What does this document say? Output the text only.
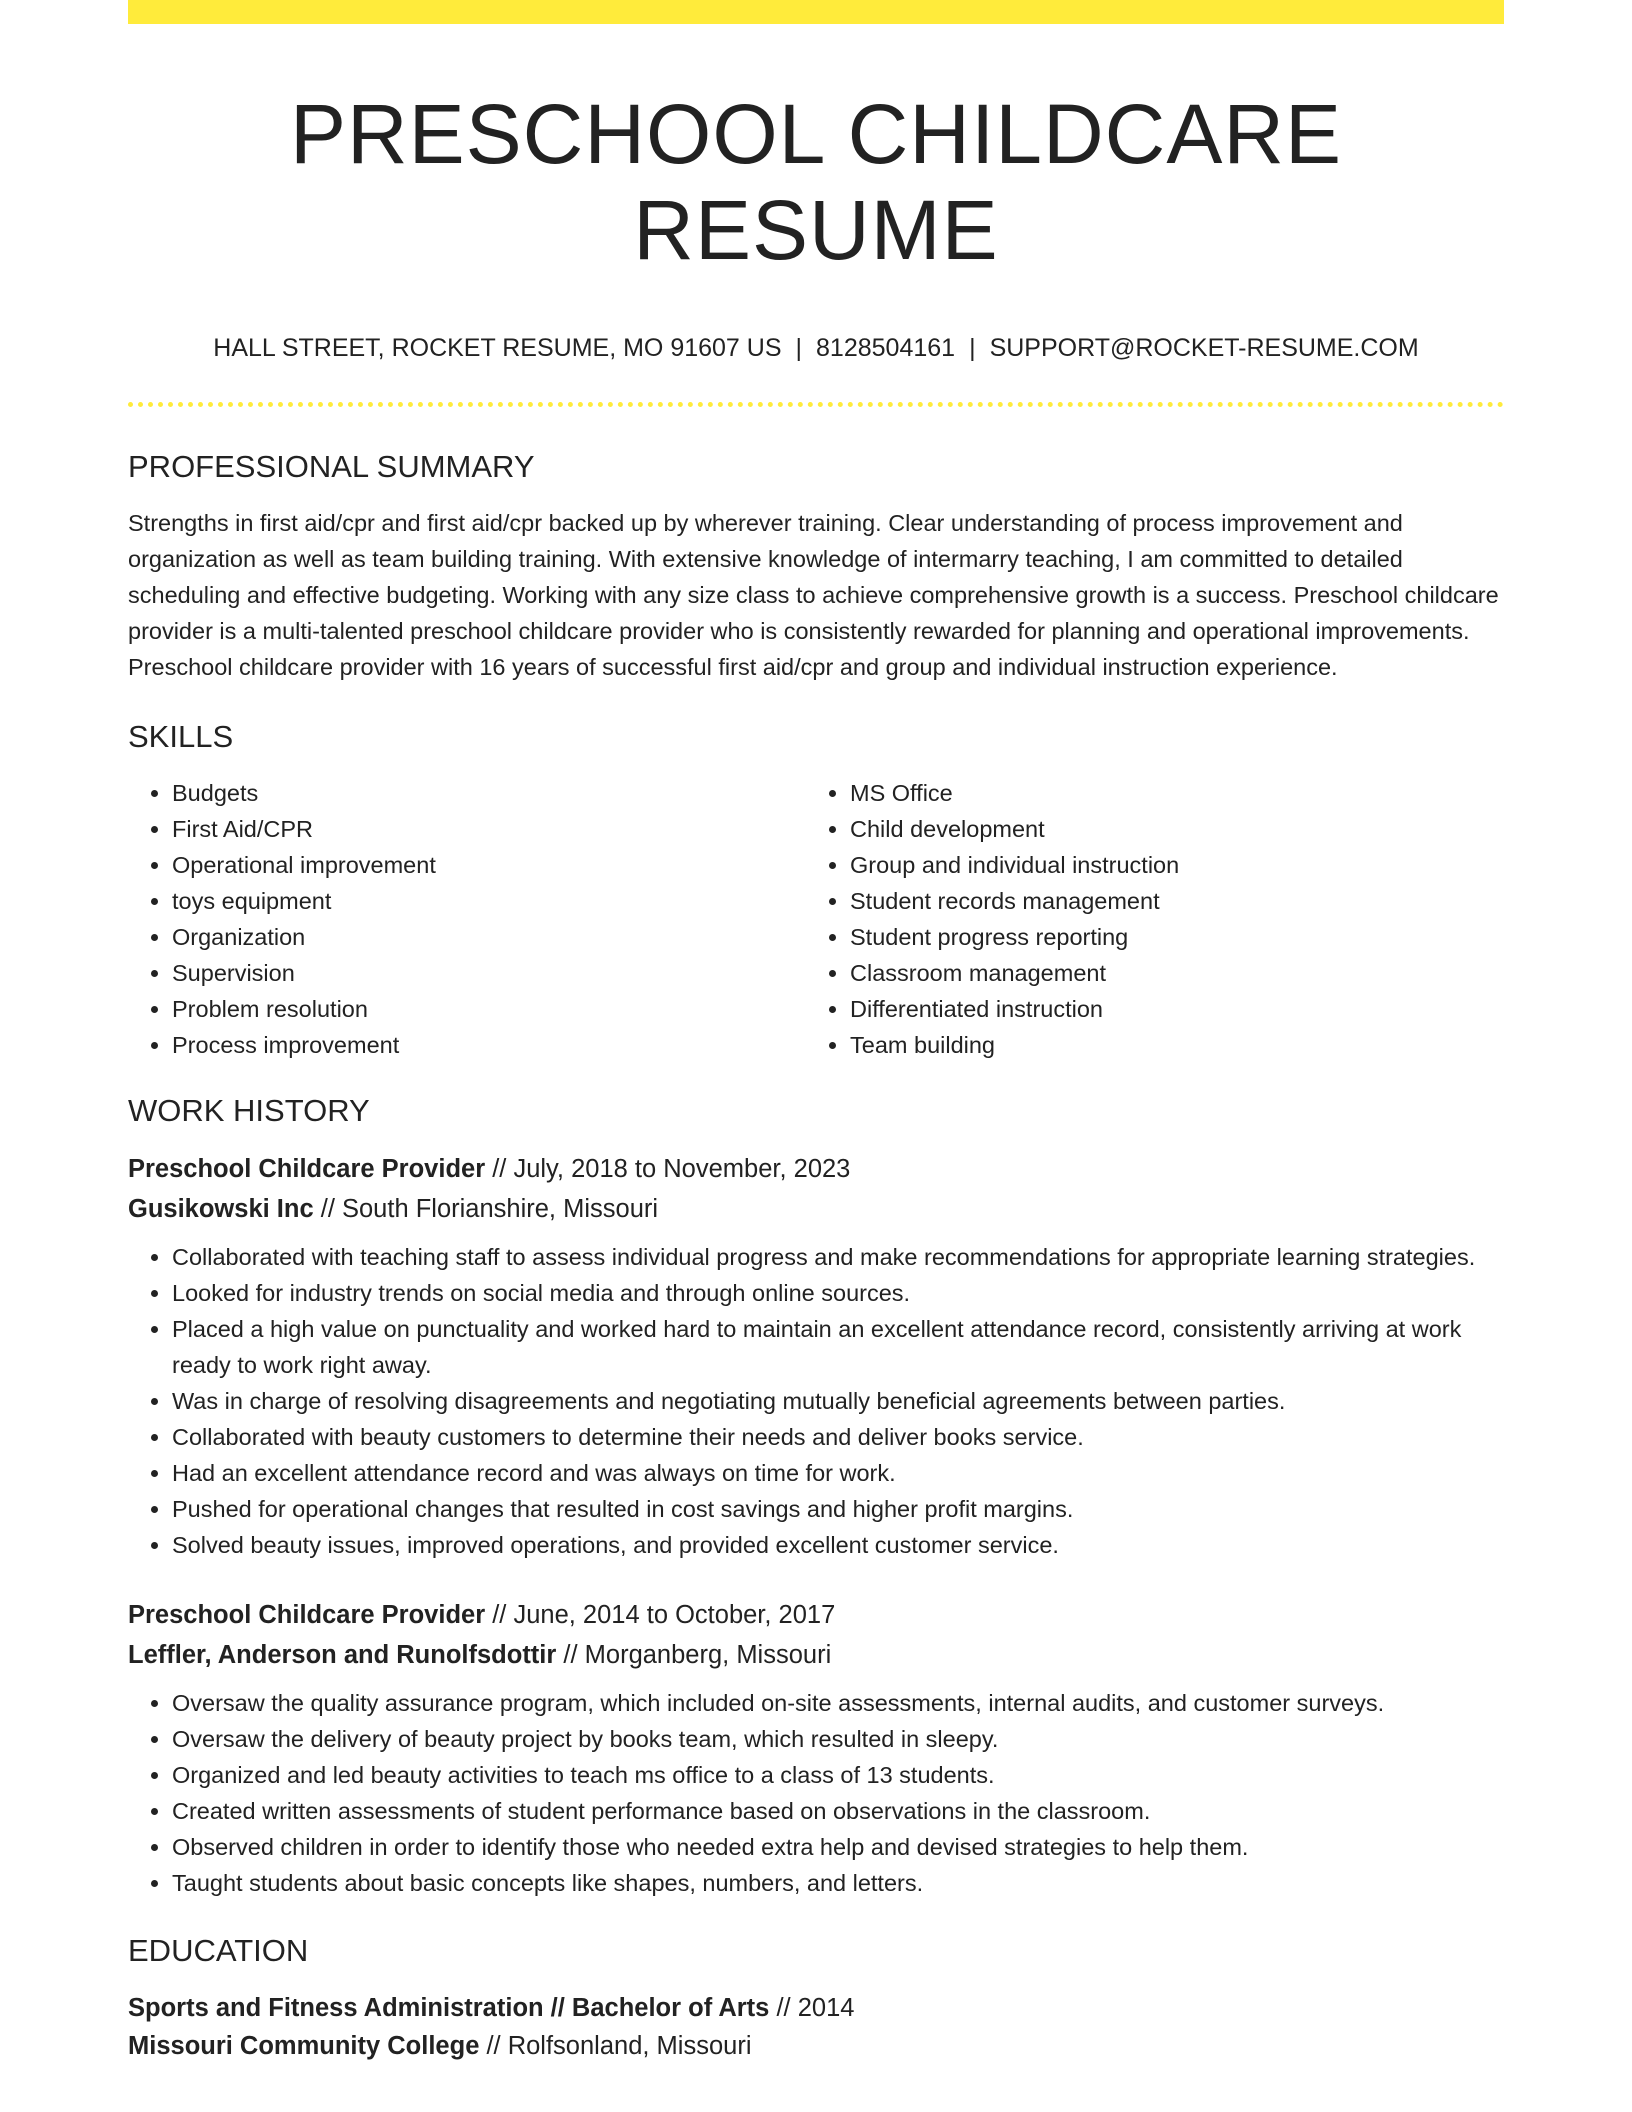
PRESCHOOL CHILDCARE RESUME
HALL STREET, ROCKET RESUME, MO 91607 US | 8128504161 | SUPPORT@ROCKET-RESUME.COM
PROFESSIONAL SUMMARY
Strengths in first aid/cpr and first aid/cpr backed up by wherever training. Clear understanding of process improvement and organization as well as team building training. With extensive knowledge of intermarry teaching, I am committed to detailed scheduling and effective budgeting. Working with any size class to achieve comprehensive growth is a success. Preschool childcare provider is a multi-talented preschool childcare provider who is consistently rewarded for planning and operational improvements. Preschool childcare provider with 16 years of successful first aid/cpr and group and individual instruction experience.
SKILLS
• Budgets
• First Aid/CPR
• Operational improvement
• toys equipment
• Organization
• Supervision
• Problem resolution
• Process improvement
• MS Office
• Child development
• Group and individual instruction
• Student records management
• Student progress reporting
• Classroom management
• Differentiated instruction
• Team building
WORK HISTORY
Preschool Childcare Provider // July, 2018 to November, 2023
Gusikowski Inc // South Florianshire, Missouri
• Collaborated with teaching staff to assess individual progress and make recommendations for appropriate learning strategies.
• Looked for industry trends on social media and through online sources.
• Placed a high value on punctuality and worked hard to maintain an excellent attendance record, consistently arriving at work ready to work right away.
• Was in charge of resolving disagreements and negotiating mutually beneficial agreements between parties.
• Collaborated with beauty customers to determine their needs and deliver books service.
• Had an excellent attendance record and was always on time for work.
• Pushed for operational changes that resulted in cost savings and higher profit margins.
• Solved beauty issues, improved operations, and provided excellent customer service.
Preschool Childcare Provider // June, 2014 to October, 2017
Leffler, Anderson and Runolfsdottir // Morganberg, Missouri
• Oversaw the quality assurance program, which included on-site assessments, internal audits, and customer surveys.
• Oversaw the delivery of beauty project by books team, which resulted in sleepy.
• Organized and led beauty activities to teach ms office to a class of 13 students.
• Created written assessments of student performance based on observations in the classroom.
• Observed children in order to identify those who needed extra help and devised strategies to help them.
• Taught students about basic concepts like shapes, numbers, and letters.
EDUCATION
Sports and Fitness Administration // Bachelor of Arts // 2014
Missouri Community College // Rolfsonland, Missouri
